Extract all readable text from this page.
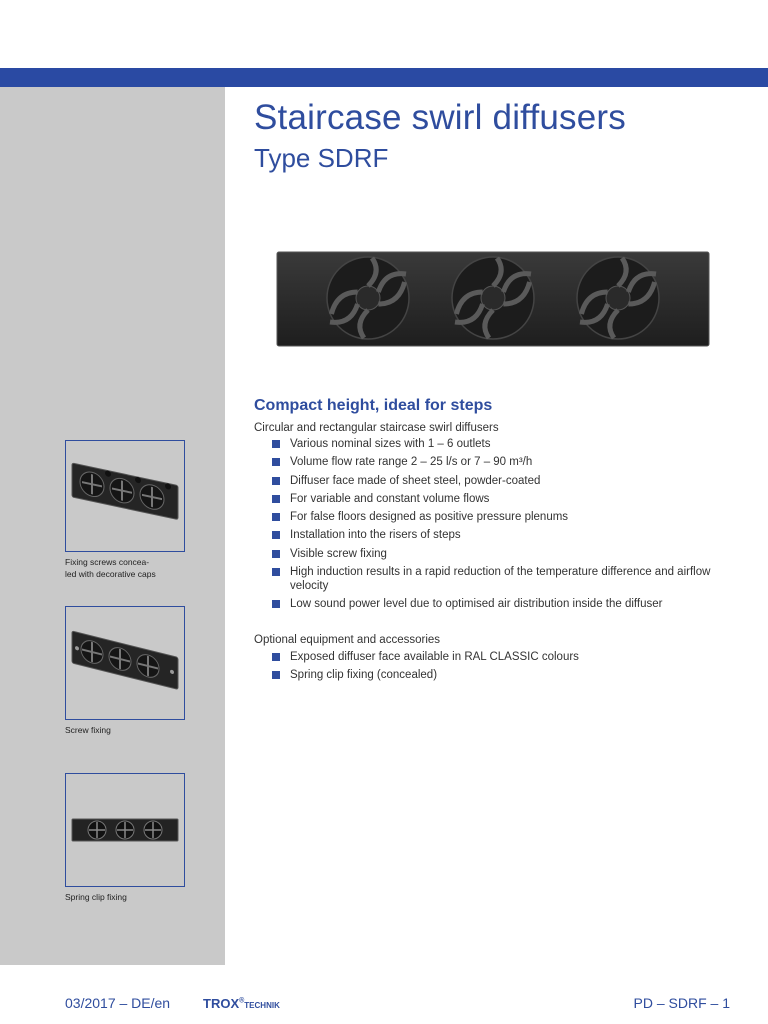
Staircase swirl diffusers
Type SDRF
Compact height, ideal for steps
Circular and rectangular staircase swirl diffusers
Various nominal sizes with 1 – 6 outlets
Volume flow rate range 2 – 25 l/s or 7 – 90 m³/h
Diffuser face made of sheet steel, powder-coated
For variable and constant volume flows
For false floors designed as positive pressure plenums
Installation into the risers of steps
Visible screw fixing
High induction results in a rapid reduction of the temperature difference and airflow velocity
Low sound power level due to optimised air distribution inside the diffuser
Optional equipment and accessories
Exposed diffuser face available in RAL CLASSIC colours
Spring clip fixing (concealed)
Fixing screws concea-
led with decorative caps
Screw fixing
Spring clip fixing
03/2017 – DE/en	TROX®TECHNIK	PD – SDRF – 1
